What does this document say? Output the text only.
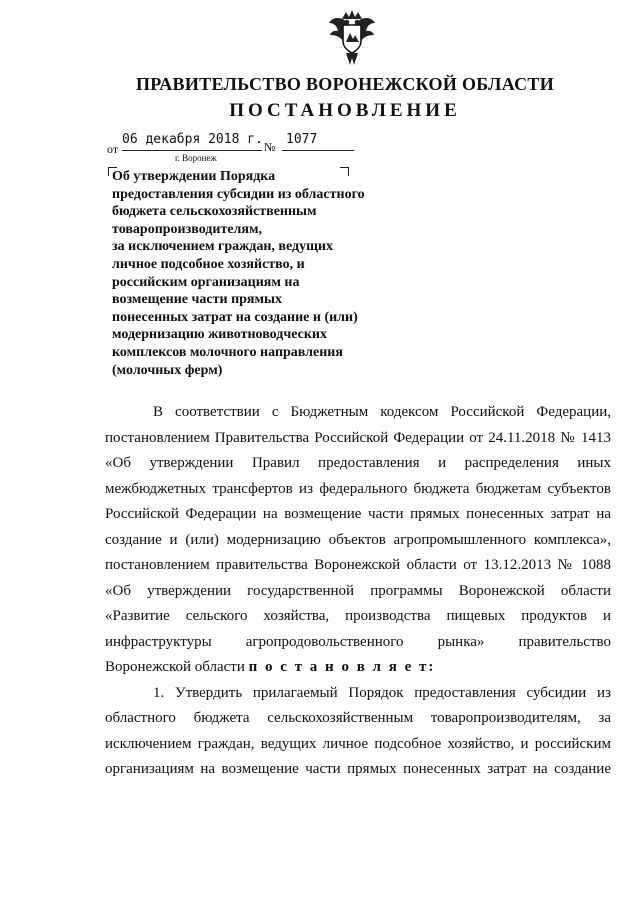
ПРАВИТЕЛЬСТВО ВОРОНЕЖСКОЙ ОБЛАСТИ
ПОСТАНОВЛЕНИЕ
от
06 декабря 2018 г. № 1077
г. Воронеж
Об утверждении Порядка
предоставления субсидии из областного
бюджета сельскохозяйственным
товаропроизводителям,
за исключением граждан, ведущих
личное подсобное хозяйство, и
российским организациям на
возмещение части прямых
понесенных затрат на создание и (или)
модернизацию животноводческих
комплексов молочного направления
(молочных ферм)
В соответствии с Бюджетным кодексом Российской Федерации,
постановлением Правительства Российской Федерации от 24.11.2018 № 1413
«Об утверждении Правил предоставления и распределения иных
межбюджетных трансфертов из федерального бюджета бюджетам субъектов
Российской Федерации на возмещение части прямых понесенных затрат на
создание и (или) модернизацию объектов агропромышленного комплекса»,
постановлением правительства Воронежской области от 13.12.2013 № 1088
«Об утверждении государственной программы Воронежской области
«Развитие сельского хозяйства, производства пищевых продуктов и
инфраструктуры агропродовольственного рынка» правительство
Воронежской области п о с т а н о в л я е т:
1. Утвердить прилагаемый Порядок предоставления субсидии из
областного бюджета сельскохозяйственным товаропроизводителям, за
исключением граждан, ведущих личное подсобное хозяйство, и российским
организациям на возмещение части прямых понесенных затрат на создание
